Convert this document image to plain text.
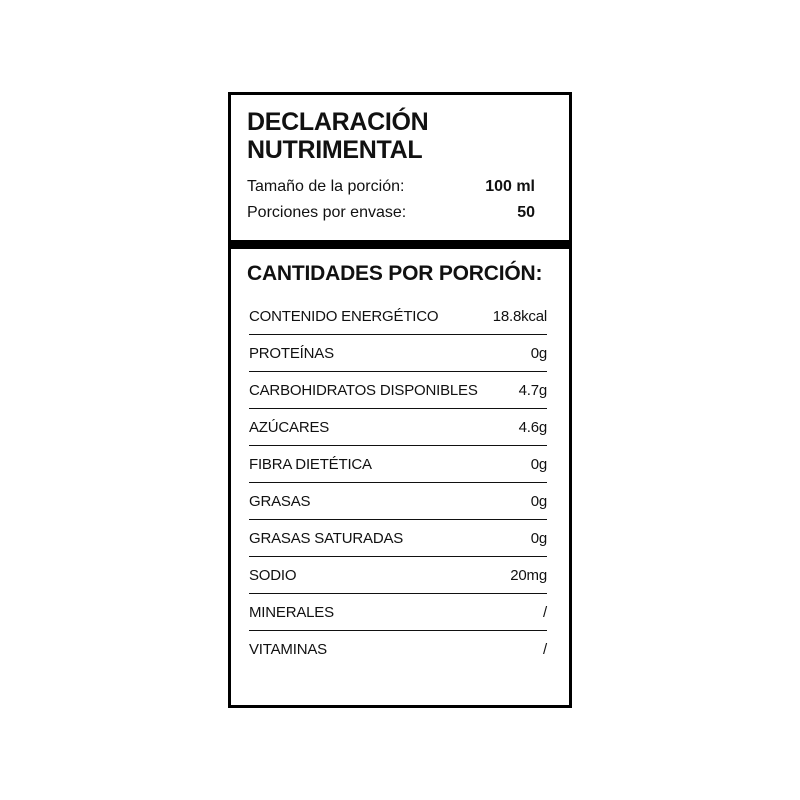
DECLARACIÓN NUTRIMENTAL
Tamaño de la porción:	100 ml
Porciones por envase:	50
CANTIDADES POR PORCIÓN:
CONTENIDO ENERGÉTICO	18.8kcal
PROTEÍNAS	0g
CARBOHIDRATOS DISPONIBLES	4.7g
AZÚCARES	4.6g
FIBRA DIETÉTICA	0g
GRASAS	0g
GRASAS SATURADAS	0g
SODIO	20mg
MINERALES	/
VITAMINAS	/
